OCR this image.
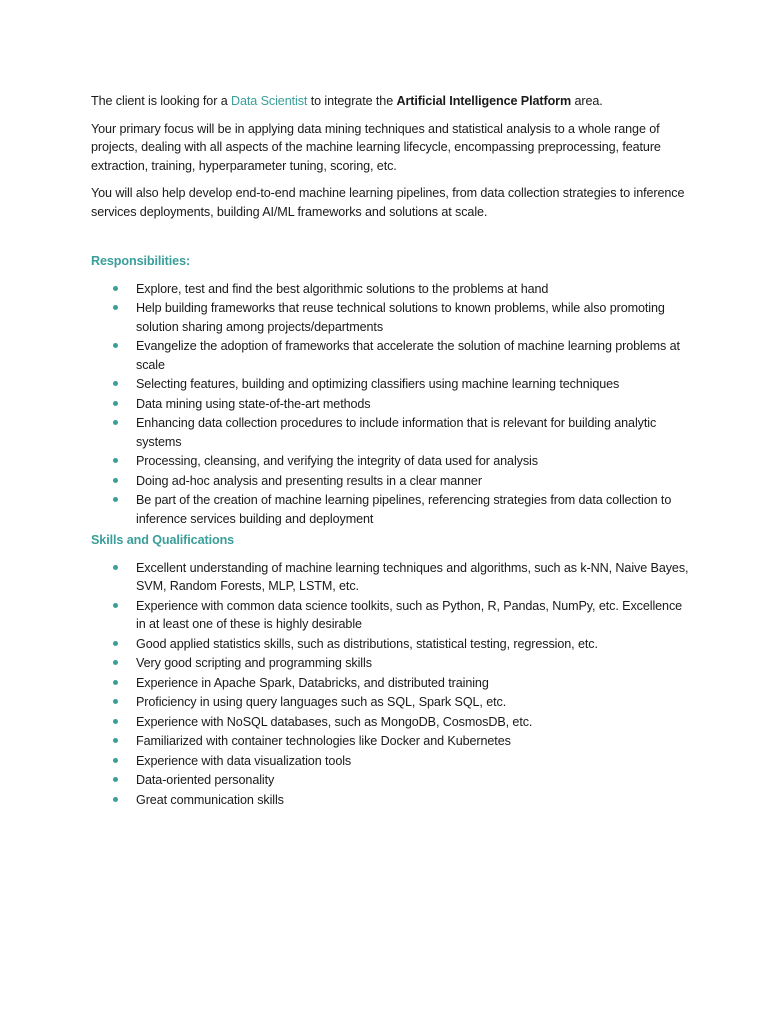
The client is looking for a Data Scientist to integrate the Artificial Intelligence Platform area.

Your primary focus will be in applying data mining techniques and statistical analysis to a whole range of projects, dealing with all aspects of the machine learning lifecycle, encompassing preprocessing, feature extraction, training, hyperparameter tuning, scoring, etc.

You will also help develop end-to-end machine learning pipelines, from data collection strategies to inference services deployments, building AI/ML frameworks and solutions at scale.

Responsibilities:
Explore, test and find the best algorithmic solutions to the problems at hand
Help building frameworks that reuse technical solutions to known problems, while also promoting solution sharing among projects/departments
Evangelize the adoption of frameworks that accelerate the solution of machine learning problems at scale
Selecting features, building and optimizing classifiers using machine learning techniques
Data mining using state-of-the-art methods
Enhancing data collection procedures to include information that is relevant for building analytic systems
Processing, cleansing, and verifying the integrity of data used for analysis
Doing ad-hoc analysis and presenting results in a clear manner
Be part of the creation of machine learning pipelines, referencing strategies from data collection to inference services building and deployment
Skills and Qualifications
Excellent understanding of machine learning techniques and algorithms, such as k-NN, Naive Bayes, SVM, Random Forests, MLP, LSTM, etc.
Experience with common data science toolkits, such as Python, R, Pandas, NumPy, etc. Excellence in at least one of these is highly desirable
Good applied statistics skills, such as distributions, statistical testing, regression, etc.
Very good scripting and programming skills
Experience in Apache Spark, Databricks, and distributed training
Proficiency in using query languages such as SQL, Spark SQL, etc.
Experience with NoSQL databases, such as MongoDB, CosmosDB, etc.
Familiarized with container technologies like Docker and Kubernetes
Experience with data visualization tools
Data-oriented personality
Great communication skills
